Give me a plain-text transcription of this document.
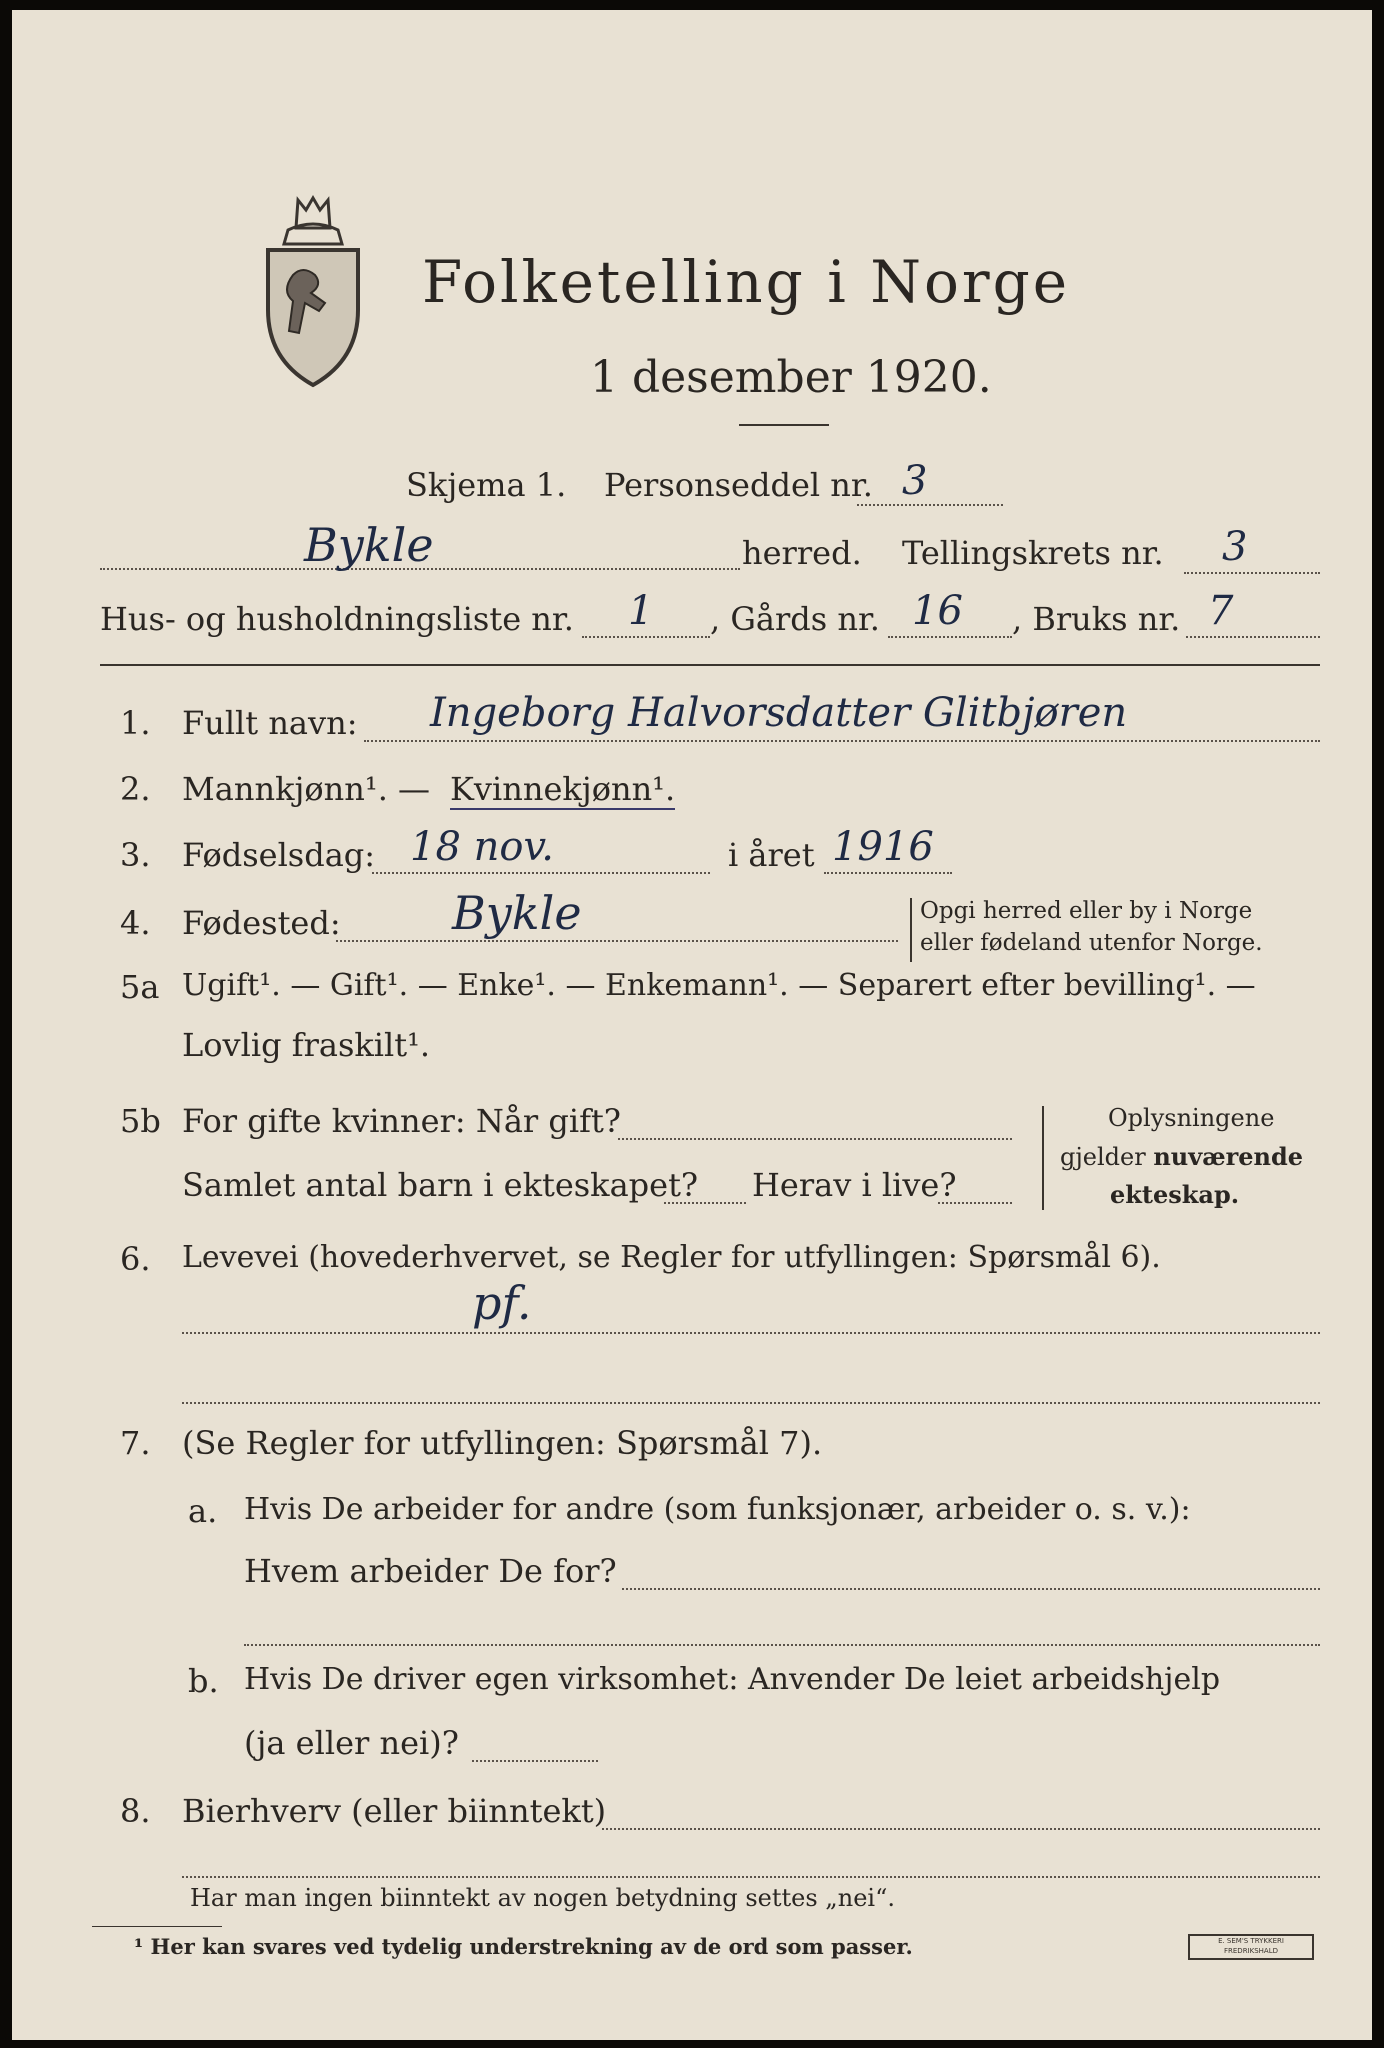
Folketelling i Norge
1 desember 1920.
Skjema 1. Personseddel nr. 3
Bykle	herred. Tellingskrets nr. 3
Hus- og husholdningsliste nr. 1 , Gårds nr. 16 , Bruks nr. 7
1. Fullt navn: Ingeborg Halvorsdatter Glitbjøren
2. Mannkjønn¹. — Kvinnekjønn¹.
3. Fødselsdag: 18 nov.	i året 1916
4. Fødested: Bykle	Opgi herred eller by i Norge
eller fødeland utenfor Norge.
5a Ugift¹. — Gift¹. — Enke¹. — Enkemann¹. — Separert efter bevilling¹. —
Lovlig fraskilt¹.
5b For gifte kvinner: Når gift?
Samlet antal barn i ekteskapet? Herav i live?
Oplysningene
gjelder nuværende
ekteskap.
6. Levevei (hovederhvervet, se Regler for utfyllingen: Spørsmål 6).
pf.
7. (Se Regler for utfyllingen: Spørsmål 7).
a. Hvis De arbeider for andre (som funksjonær, arbeider o. s. v.):
Hvem arbeider De for?
b. Hvis De driver egen virksomhet: Anvender De leiet arbeidshjelp
(ja eller nei)?
8. Bierhverv (eller biinntekt)
Har man ingen biinntekt av nogen betydning settes „nei“.
¹ Her kan svares ved tydelig understrekning av de ord som passer.	E. SEM'S TRYKKERI FREDRIKSHALD
